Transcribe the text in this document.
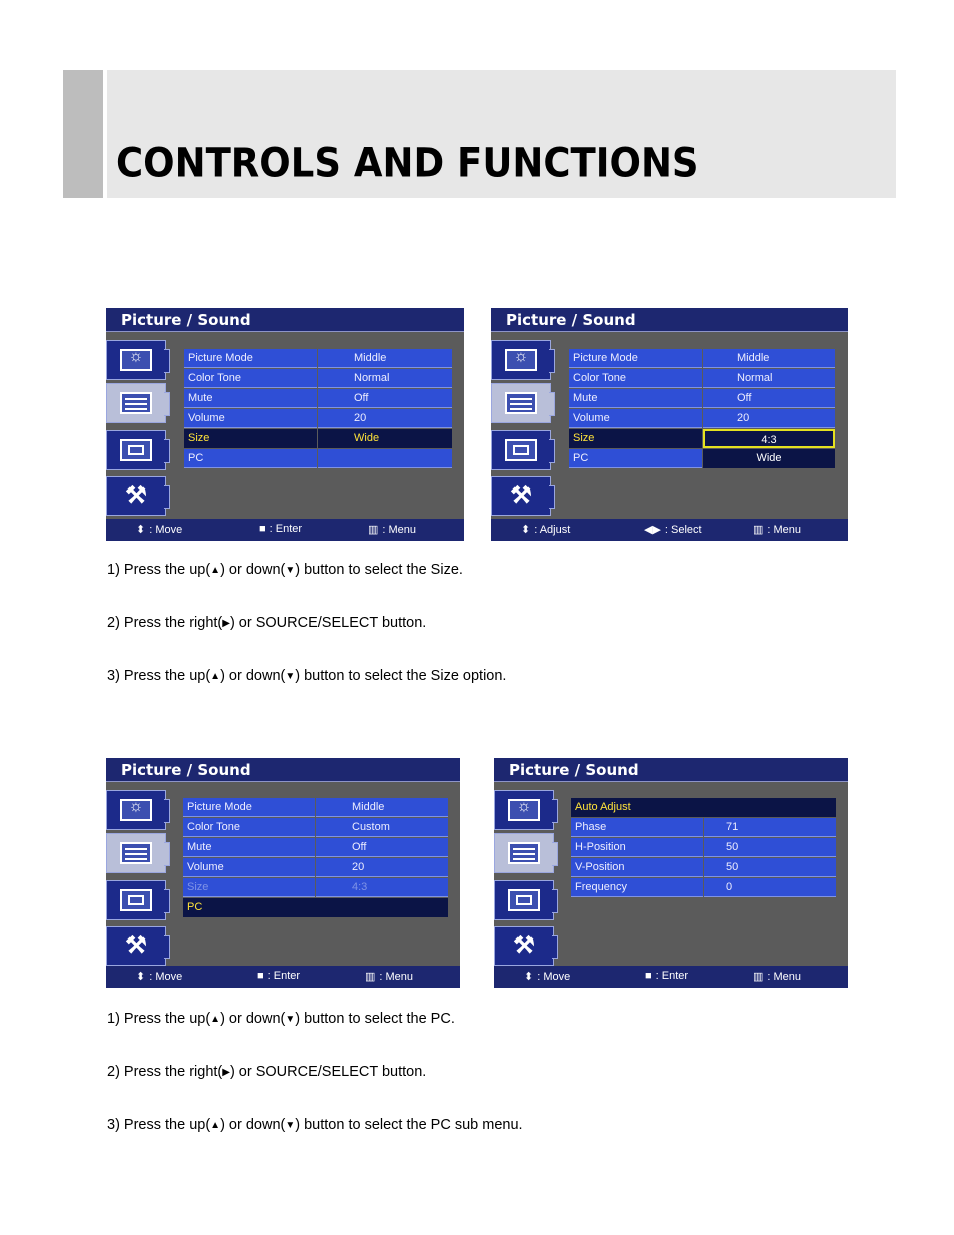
CONTROLS AND FUNCTIONS
Picture / Sound
☼
⚒
Picture Mode	Middle
Color Tone	Normal
Mute	Off
Volume	20
Size	Wide
PC
⬍ : Move	■ : Enter	▥ : Menu
Picture / Sound
☼
⚒
Picture Mode	Middle
Color Tone	Normal
Mute	Off
Volume	20
Size	4:3
PC	Wide
⬍ : Adjust	◀▶ : Select	▥ : Menu
1) Press the up(▲) or down(▼) button to select the Size.
2) Press the right(▶) or SOURCE/SELECT button.
3) Press the up(▲) or down(▼) button to select the Size option.
Picture / Sound
☼
⚒
Picture Mode	Middle
Color Tone	Custom
Mute	Off
Volume	20
Size	4:3
PC
⬍ : Move	■ : Enter	▥ : Menu
Picture / Sound
☼
⚒
Auto Adjust
Phase	71
H-Position	50
V-Position	50
Frequency	0
⬍ : Move	■ : Enter	▥ : Menu
1) Press the up(▲) or down(▼) button to select the PC.
2) Press the right(▶) or SOURCE/SELECT button.
3) Press the up(▲) or down(▼) button to select the PC sub menu.
